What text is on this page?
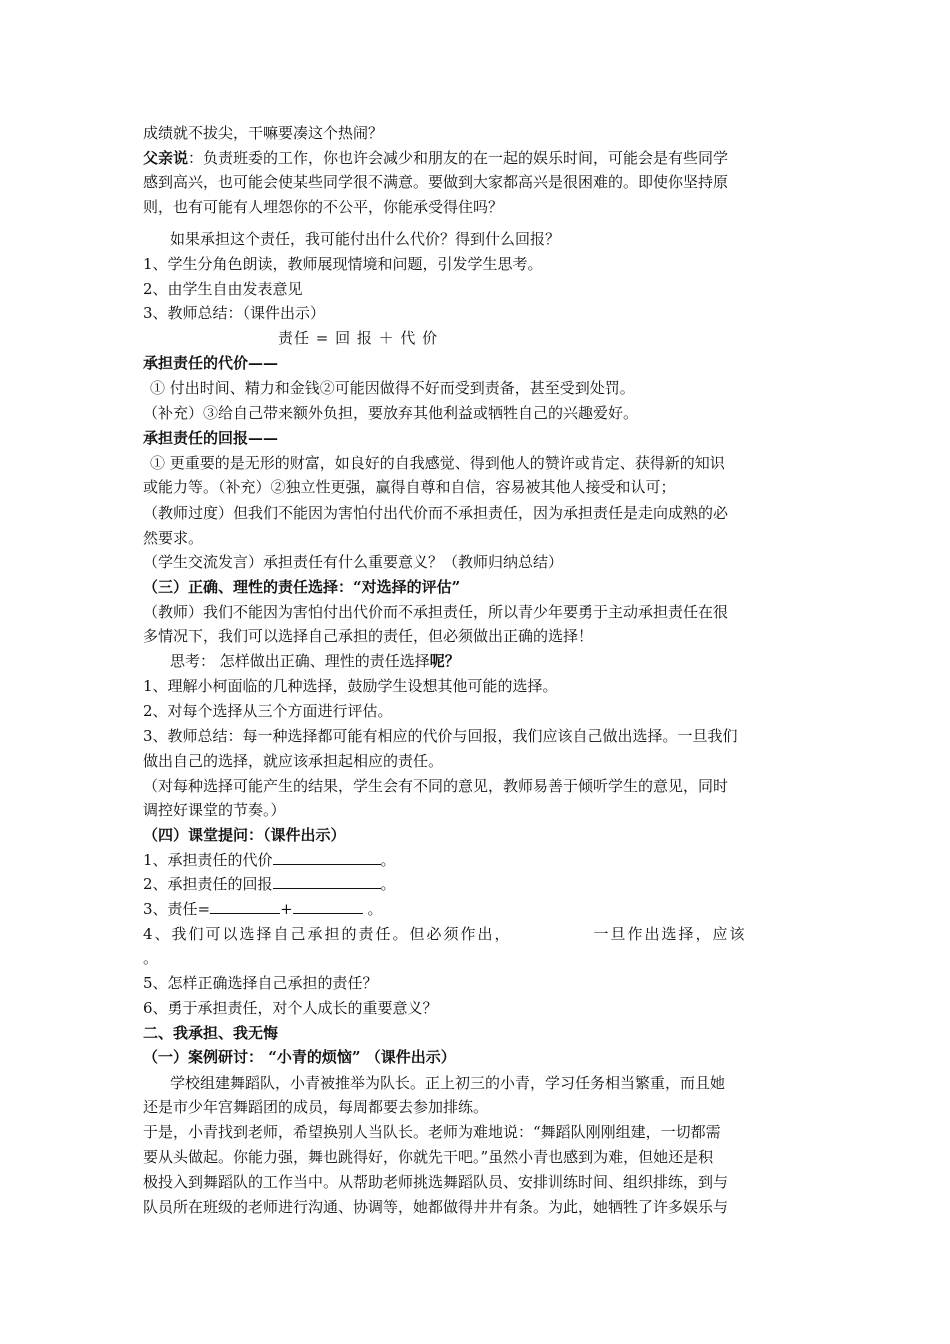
成绩就不拔尖，干嘛要凑这个热闹？
父亲说：负责班委的工作，你也许会减少和朋友的在一起的娱乐时间，可能会是有些同学
感到高兴，也可能会使某些同学很不满意。要做到大家都高兴是很困难的。即使你坚持原
则，也有可能有人埋怨你的不公平，你能承受得住吗？
如果承担这个责任，我可能付出什么代价？得到什么回报？
1、学生分角色朗读，教师展现情境和问题，引发学生思考。
2、由学生自由发表意见
3、教师总结：（课件出示）
责任 = 回 报 ＋ 代 价
承担责任的代价——
① 付出时间、精力和金钱②可能因做得不好而受到责备，甚至受到处罚。
（补充）③给自己带来额外负担，要放弃其他利益或牺牲自己的兴趣爱好。
承担责任的回报——
① 更重要的是无形的财富，如良好的自我感觉、得到他人的赞许或肯定、获得新的知识
或能力等。（补充）②独立性更强，赢得自尊和自信，容易被其他人接受和认可；
（教师过度）但我们不能因为害怕付出代价而不承担责任，因为承担责任是走向成熟的必
然要求。
（学生交流发言）承担责任有什么重要意义？（教师归纳总结）
（三）正确、理性的责任选择：“对选择的评估”
（教师）我们不能因为害怕付出代价而不承担责任，所以青少年要勇于主动承担责任在很
多情况下，我们可以选择自己承担的责任，但必须做出正确的选择！
思考： 怎样做出正确、理性的责任选择呢？
1、理解小柯面临的几种选择，鼓励学生设想其他可能的选择。
2、对每个选择从三个方面进行评估。
3、教师总结：每一种选择都可能有相应的代价与回报，我们应该自己做出选择。一旦我们
做出自己的选择，就应该承担起相应的责任。
（对每种选择可能产生的结果，学生会有不同的意见，教师易善于倾听学生的意见，同时
调控好课堂的节奏。）
（四）课堂提问：（课件出示）
1、承担责任的代价	。
2、承担责任的回报	。
3、责任=	+	。
4、我们可以选择自己承担的责任。但必须作出，	一旦作出选择，应该
。
5、怎样正确选择自己承担的责任？
6、勇于承担责任，对个人成长的重要意义？
二、我承担、我无悔
（一）案例研讨： “小青的烦恼” （课件出示）
学校组建舞蹈队，小青被推举为队长。正上初三的小青，学习任务相当繁重，而且她
还是市少年宫舞蹈团的成员，每周都要去参加排练。
于是，小青找到老师，希望换别人当队长。老师为难地说：“舞蹈队刚刚组建，一切都需
要从头做起。你能力强，舞也跳得好，你就先干吧。”虽然小青也感到为难，但她还是积
极投入到舞蹈队的工作当中。从帮助老师挑选舞蹈队员、安排训练时间、组织排练，到与
队员所在班级的老师进行沟通、协调等，她都做得井井有条。为此，她牺牲了许多娱乐与
